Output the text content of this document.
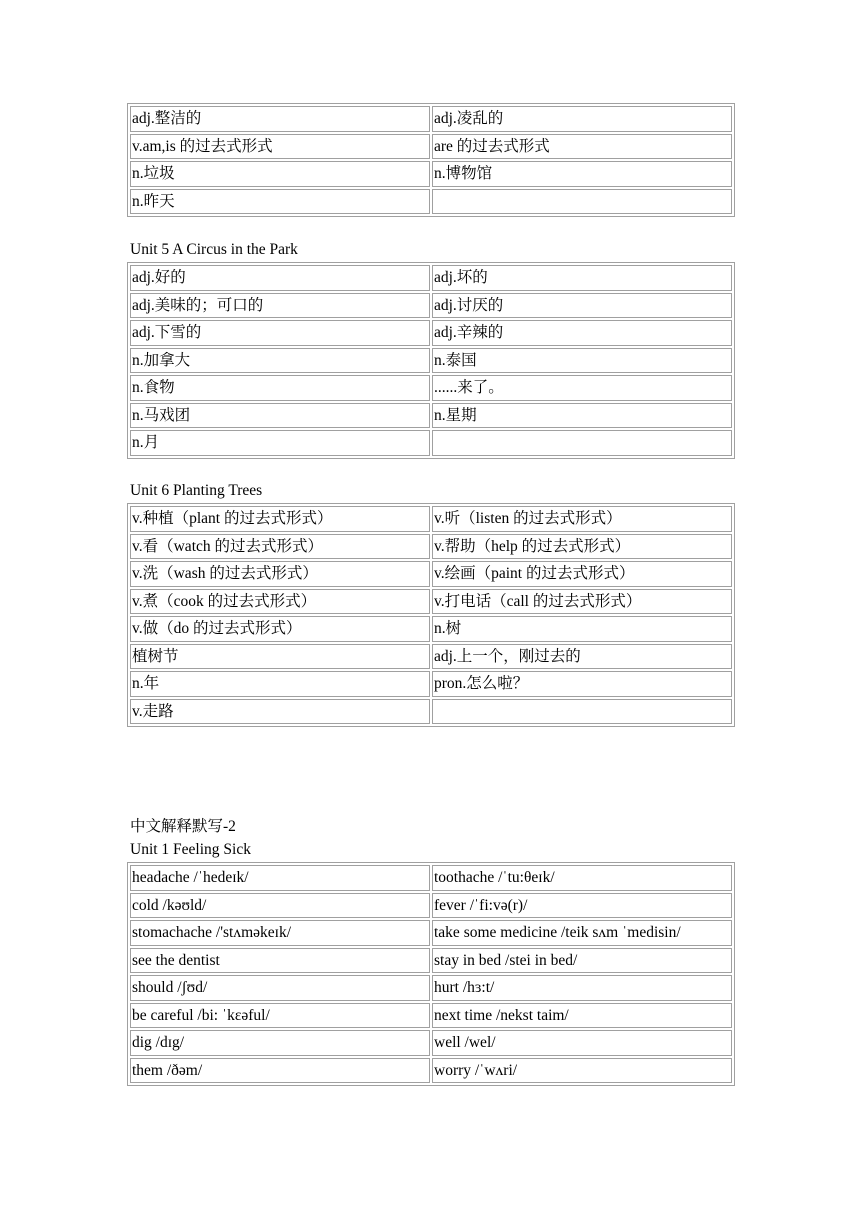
adj.整洁的	adj.凌乱的
v.am,is 的过去式形式	are 的过去式形式
n.垃圾	n.博物馆
n.昨天	
Unit 5 A Circus in the Park
adj.好的	adj.坏的
adj.美味的；可口的	adj.讨厌的
adj.下雪的	adj.辛辣的
n.加拿大	n.泰国
n.食物	......来了。
n.马戏团	n.星期
n.月	
Unit 6 Planting Trees
v.种植（plant 的过去式形式）	v.听（listen 的过去式形式）
v.看（watch 的过去式形式）	v.帮助（help 的过去式形式）
v.洗（wash 的过去式形式）	v.绘画（paint 的过去式形式）
v.煮（cook 的过去式形式）	v.打电话（call 的过去式形式）
v.做（do 的过去式形式）	n.树
植树节	adj.上一个，刚过去的
n.年	pron.怎么啦？
v.走路	
中文解释默写-2
Unit 1 Feeling Sick
headache /ˈhedeɪk/	toothache /ˈtu:θeɪk/
cold /kəʊld/	fever /ˈfi:və(r)/
stomachache /'stʌməkeɪk/	take some medicine /teik sʌm ˈmedisin/
see the dentist	stay in bed /stei in bed/
should /ʃʊd/	hurt /hɜ:t/
be careful /bi: ˈkɛəful/	next time /nekst taim/
dig /dɪg/	well /wel/
them /ðəm/	worry /ˈwʌri/
